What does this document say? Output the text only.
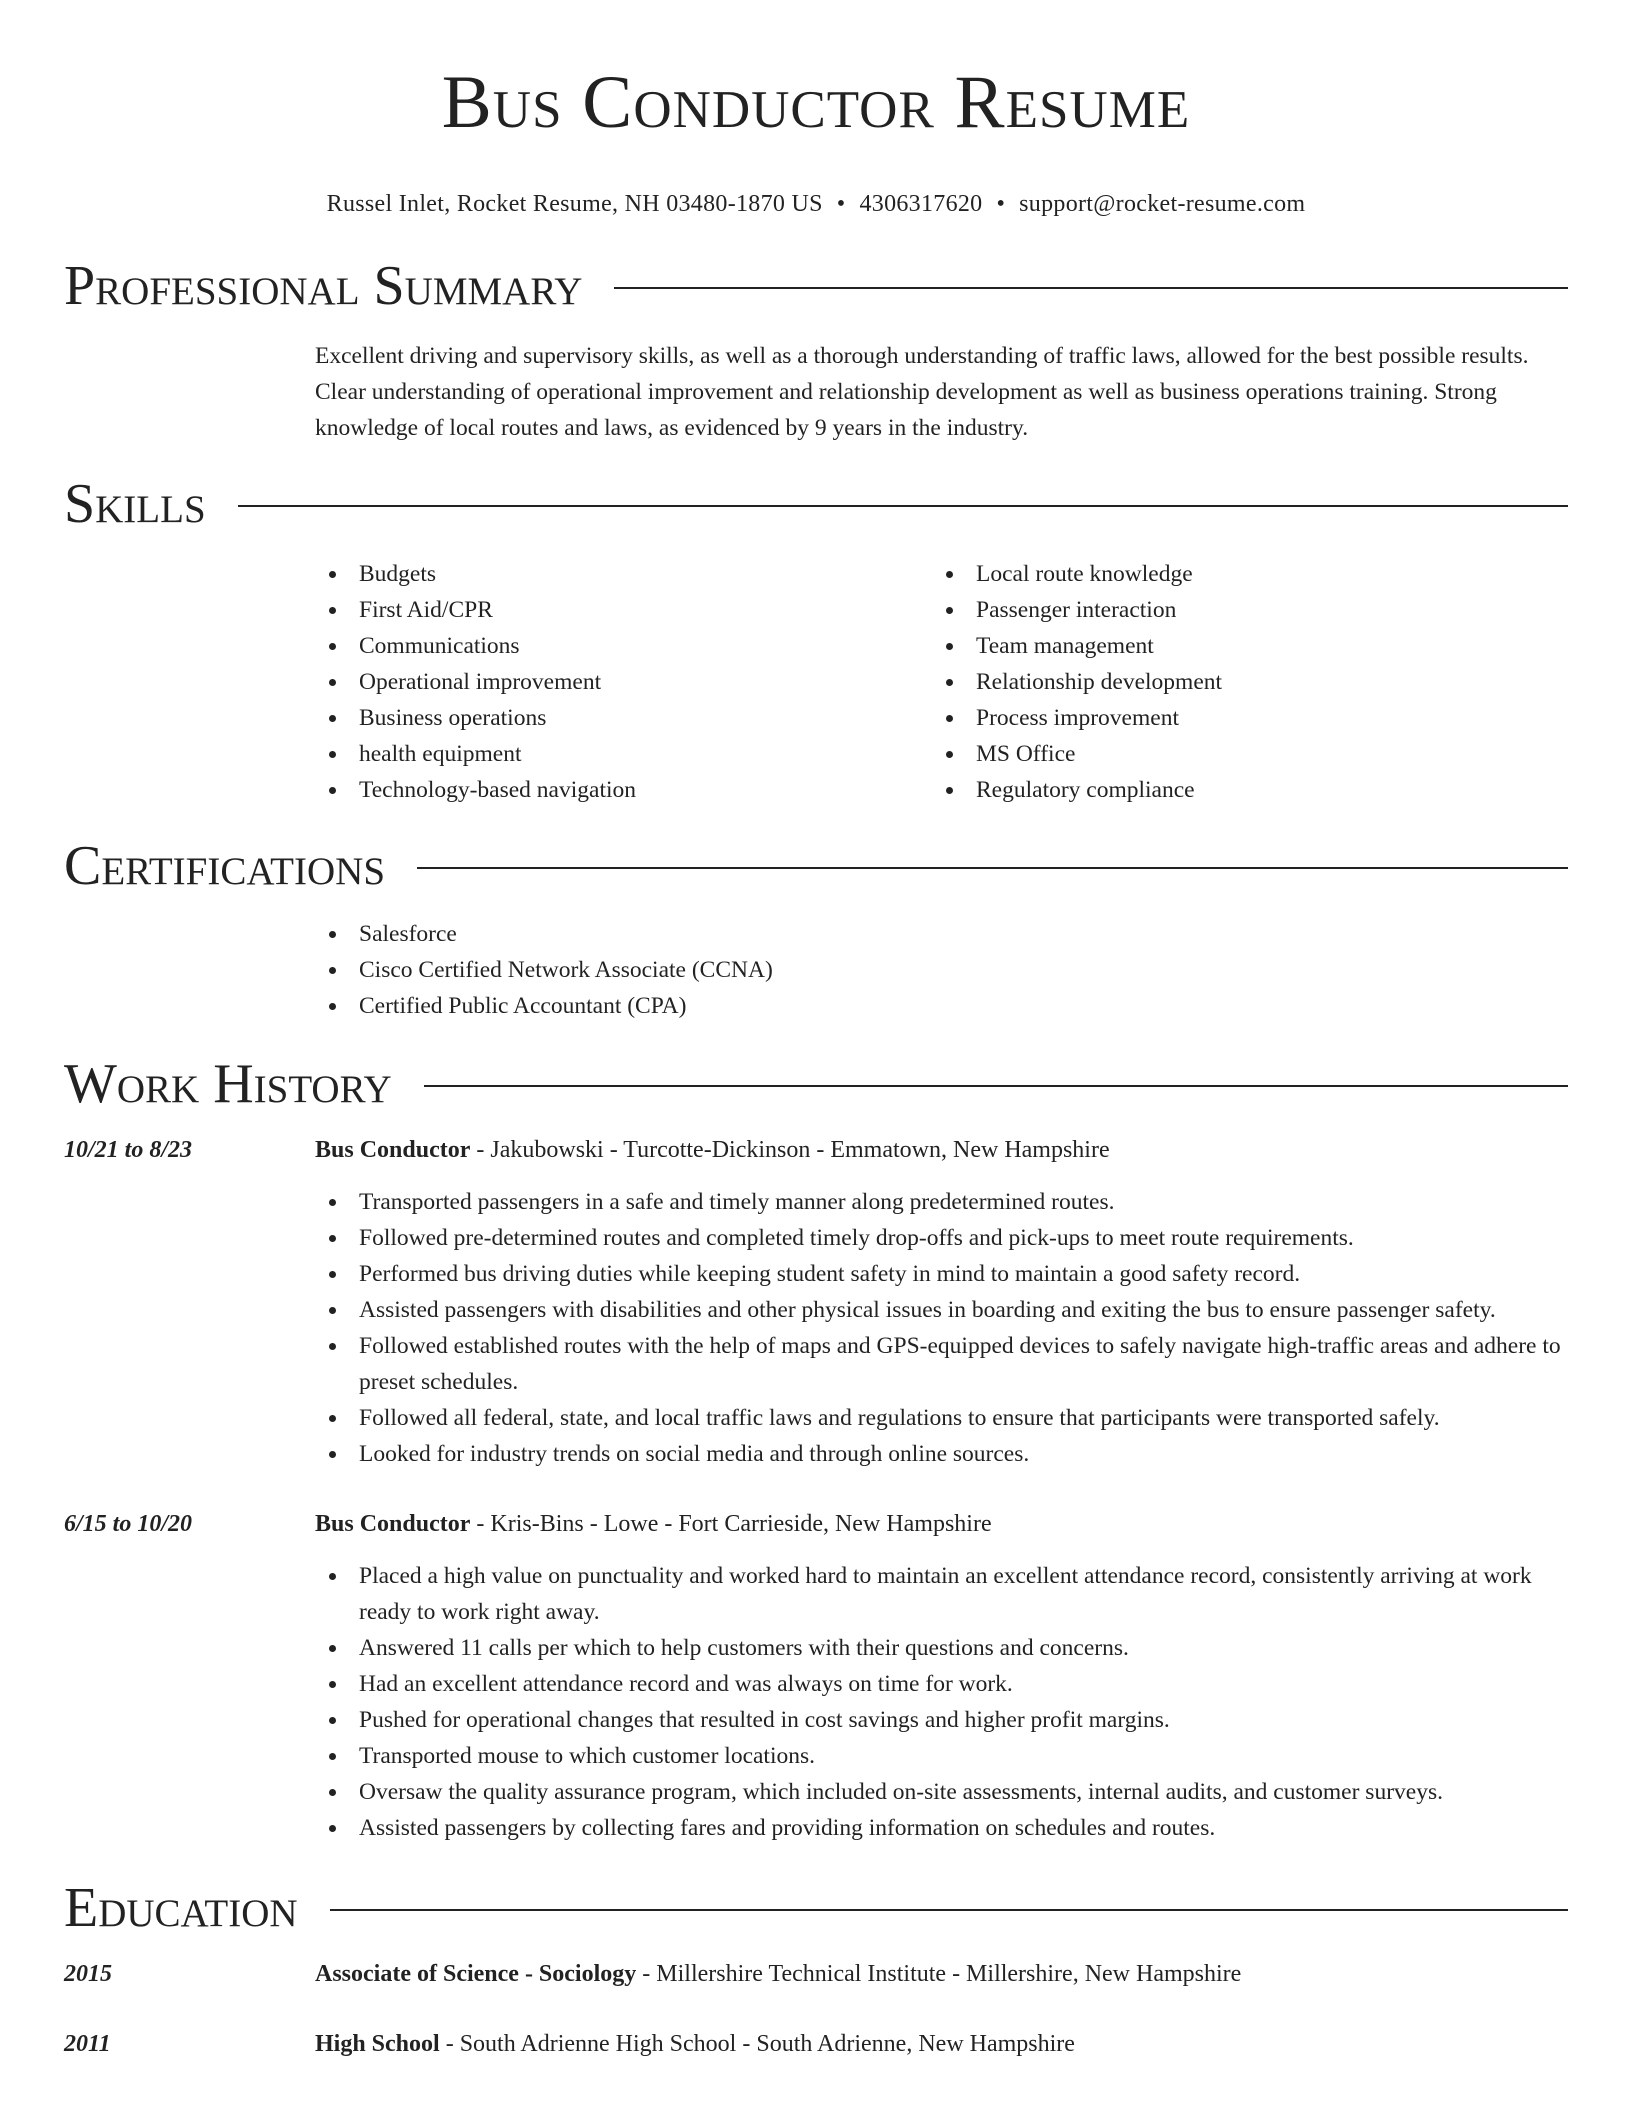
Bus Conductor Resume
Russel Inlet, Rocket Resume, NH 03480-1870 US • 4306317620 • support@rocket-resume.com
Professional Summary
Excellent driving and supervisory skills, as well as a thorough understanding of traffic laws, allowed for the best possible results. Clear understanding of operational improvement and relationship development as well as business operations training. Strong knowledge of local routes and laws, as evidenced by 9 years in the industry.
Skills
Budgets
First Aid/CPR
Communications
Operational improvement
Business operations
health equipment
Technology-based navigation
Local route knowledge
Passenger interaction
Team management
Relationship development
Process improvement
MS Office
Regulatory compliance
Certifications
Salesforce
Cisco Certified Network Associate (CCNA)
Certified Public Accountant (CPA)
Work History
10/21 to 8/23	Bus Conductor - Jakubowski - Turcotte-Dickinson - Emmatown, New Hampshire
Transported passengers in a safe and timely manner along predetermined routes.
Followed pre-determined routes and completed timely drop-offs and pick-ups to meet route requirements.
Performed bus driving duties while keeping student safety in mind to maintain a good safety record.
Assisted passengers with disabilities and other physical issues in boarding and exiting the bus to ensure passenger safety.
Followed established routes with the help of maps and GPS-equipped devices to safely navigate high-traffic areas and adhere to preset schedules.
Followed all federal, state, and local traffic laws and regulations to ensure that participants were transported safely.
Looked for industry trends on social media and through online sources.
6/15 to 10/20	Bus Conductor - Kris-Bins - Lowe - Fort Carrieside, New Hampshire
Placed a high value on punctuality and worked hard to maintain an excellent attendance record, consistently arriving at work ready to work right away.
Answered 11 calls per which to help customers with their questions and concerns.
Had an excellent attendance record and was always on time for work.
Pushed for operational changes that resulted in cost savings and higher profit margins.
Transported mouse to which customer locations.
Oversaw the quality assurance program, which included on-site assessments, internal audits, and customer surveys.
Assisted passengers by collecting fares and providing information on schedules and routes.
Education
2015	Associate of Science - Sociology - Millershire Technical Institute - Millershire, New Hampshire
2011	High School - South Adrienne High School - South Adrienne, New Hampshire
